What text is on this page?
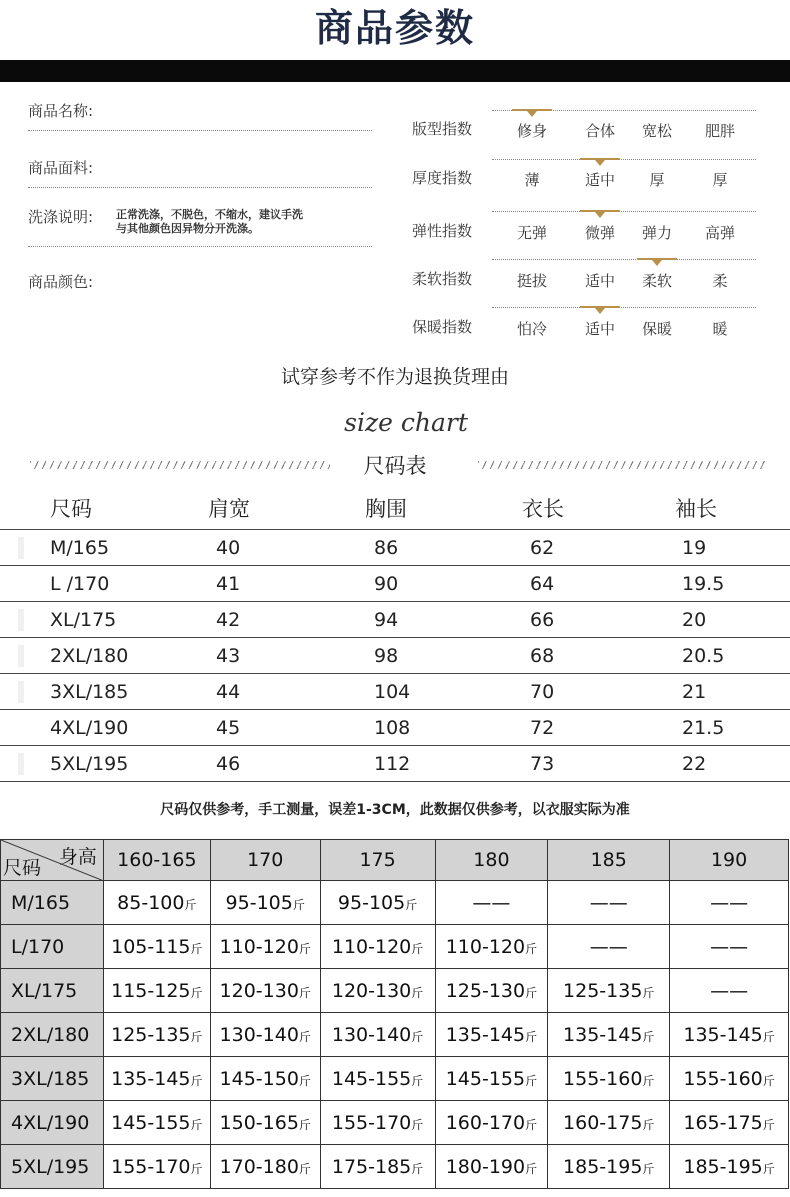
商品参数
商品名称:
商品面料:
洗涤说明: 正常洗涤，不脱色，不缩水，建议手洗
与其他颜色因异物分开洗涤。
商品颜色:
版型指数	修身	合体	宽松	肥胖
厚度指数	薄	适中	厚	厚
弹性指数	无弹	微弹	弹力	高弹
柔软指数	挺拔	适中	柔软	柔
保暖指数	怕冷	适中	保暖	暖
试穿参考不作为退换货理由
size chart
尺码表
尺码	肩宽	胸围	衣长	袖长
M/165	40	86	62	19
L /170	41	90	64	19.5
XL/175	42	94	66	20
2XL/180	43	98	68	20.5
3XL/185	44	104	70	21
4XL/190	45	108	72	21.5
5XL/195	46	112	73	22
尺码仅供参考，手工测量，误差1-3CM，此数据仅供参考，以衣服实际为准
身高
尺码	160-165	170	175	180	185	190
M/165	85-100斤	95-105斤	95-105斤	——	——	——
L/170	105-115斤	110-120斤	110-120斤	110-120斤	——	——
XL/175	115-125斤	120-130斤	120-130斤	125-130斤	125-135斤	——
2XL/180	125-135斤	130-140斤	130-140斤	135-145斤	135-145斤	135-145斤
3XL/185	135-145斤	145-150斤	145-155斤	145-155斤	155-160斤	155-160斤
4XL/190	145-155斤	150-165斤	155-170斤	160-170斤	160-175斤	165-175斤
5XL/195	155-170斤	170-180斤	175-185斤	180-190斤	185-195斤	185-195斤
